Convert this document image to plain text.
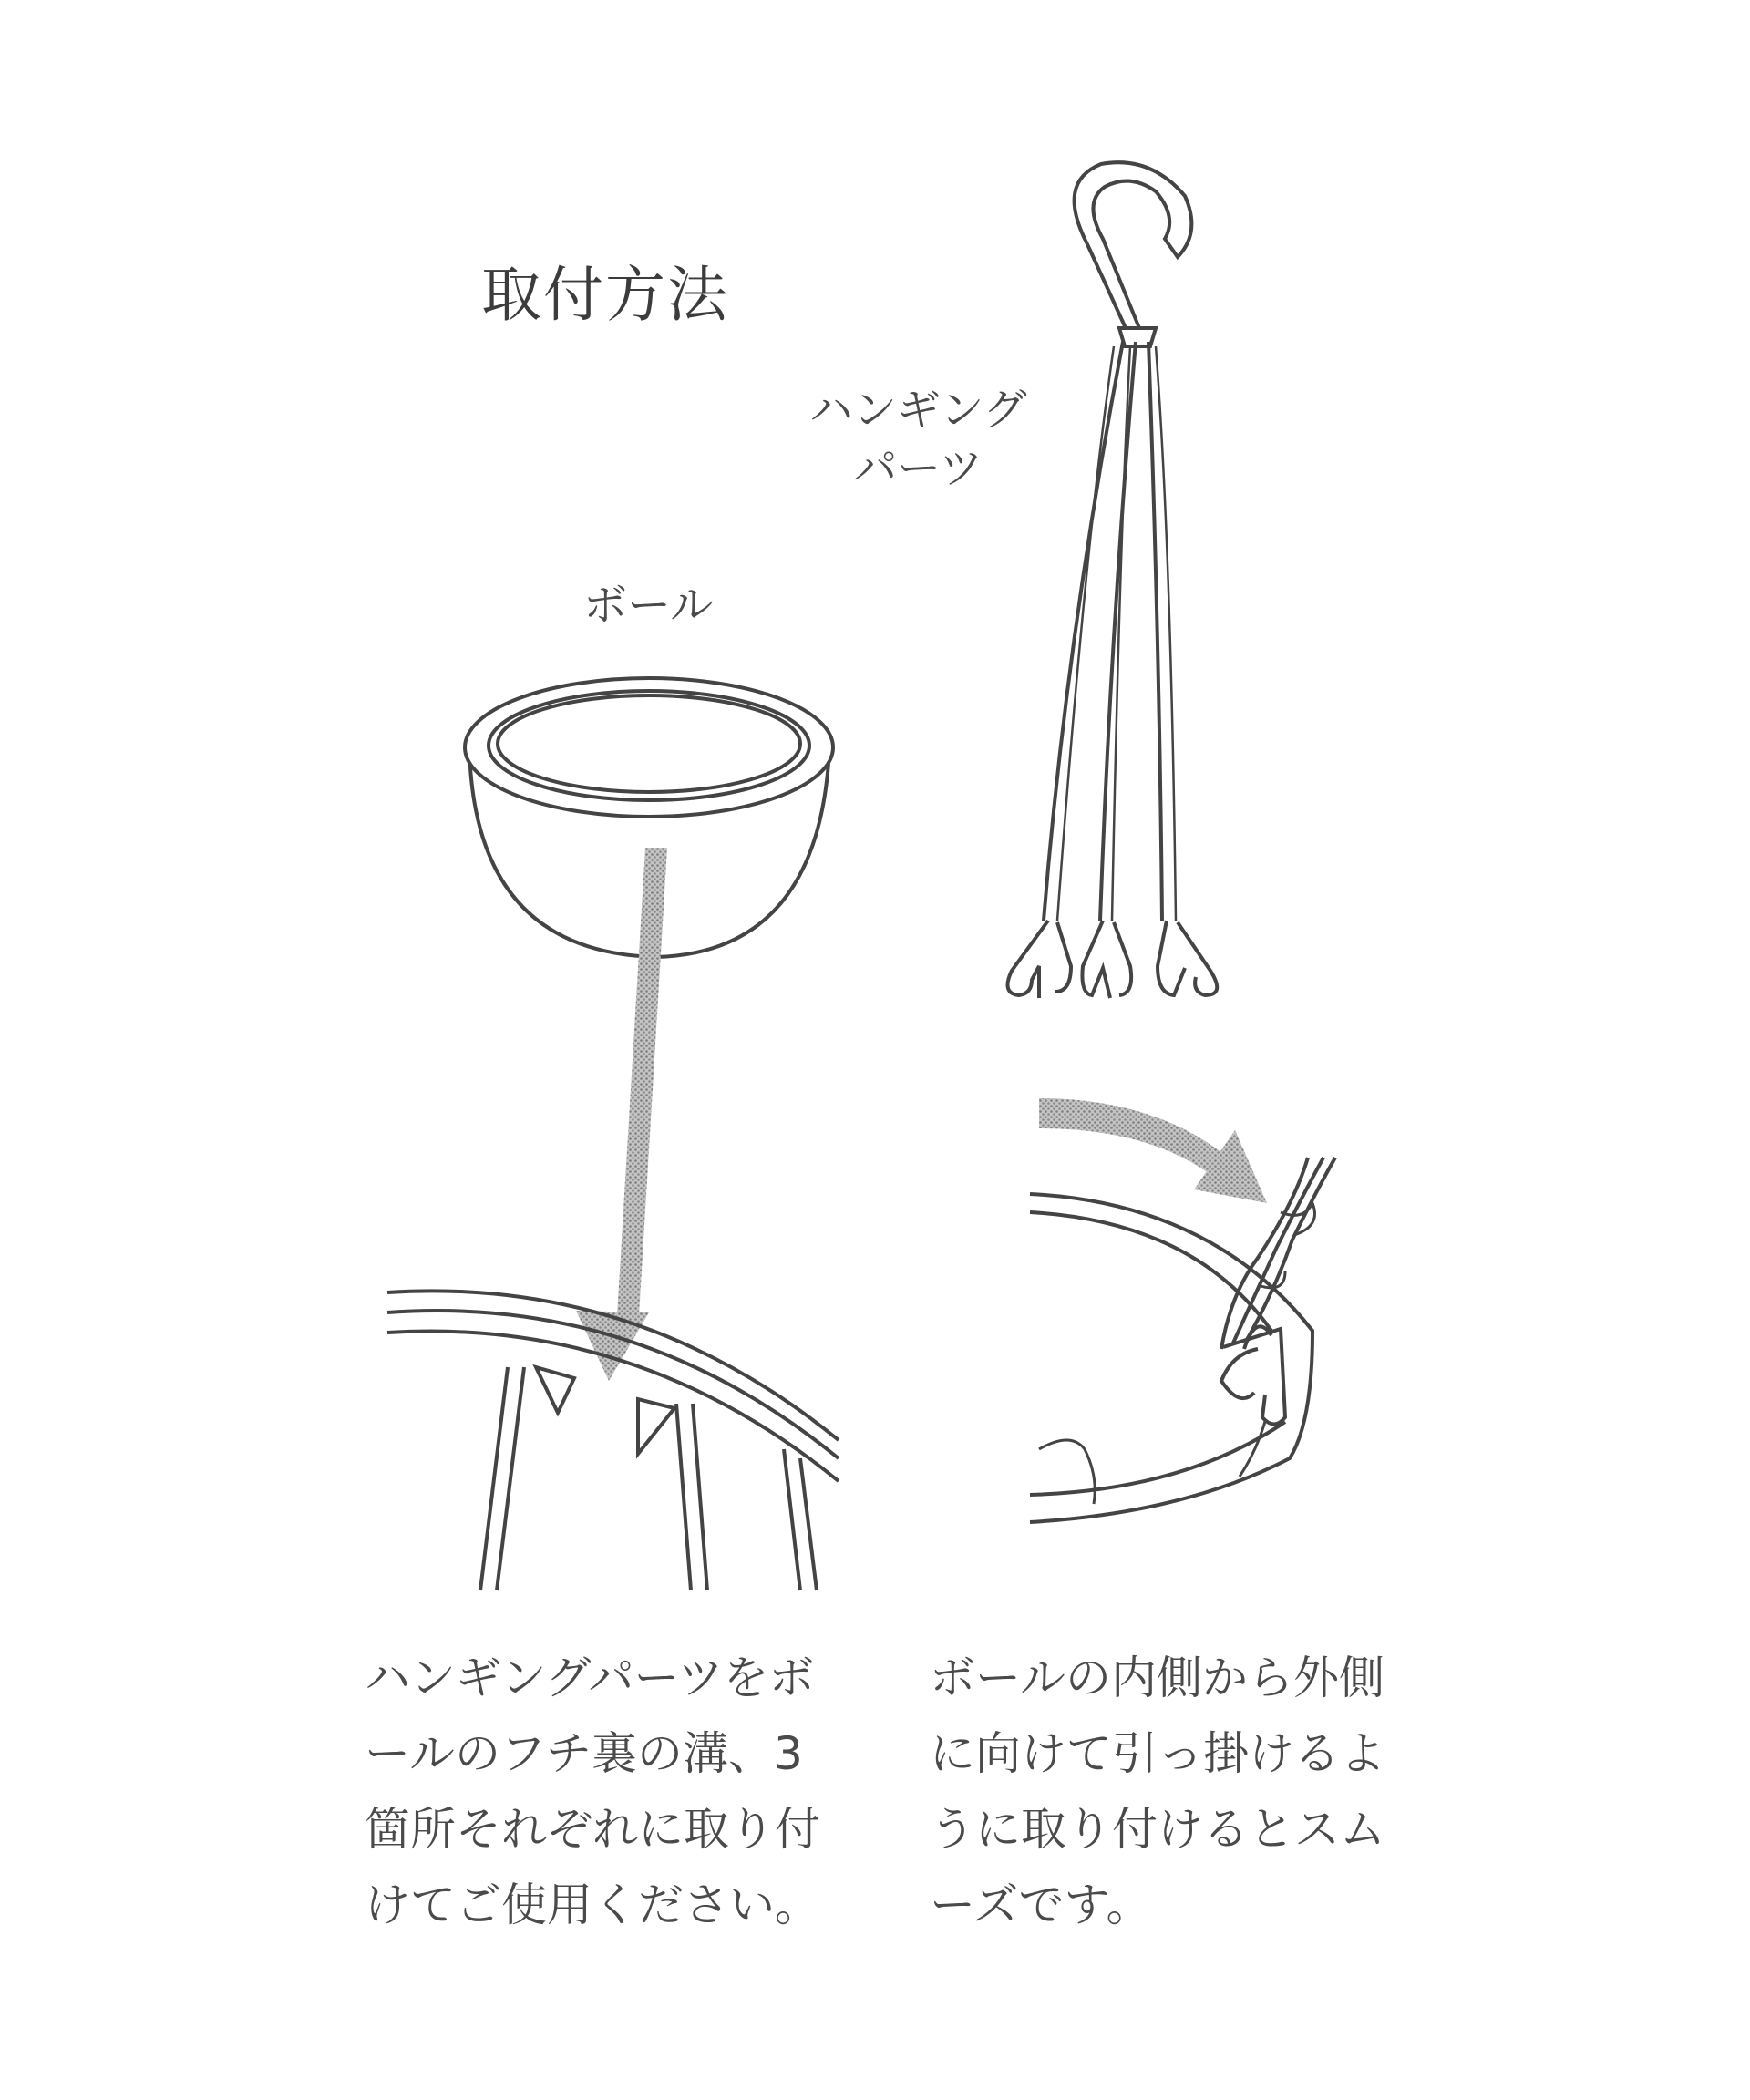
取付方法
ハンギング
パーツ
ボール
ハンギングパーツをボ
ールのフチ裏の溝、3
箇所それぞれに取り付
けてご使用ください。
ボールの内側から外側
に向けて引っ掛けるよ
うに取り付けるとスム
ーズです。
